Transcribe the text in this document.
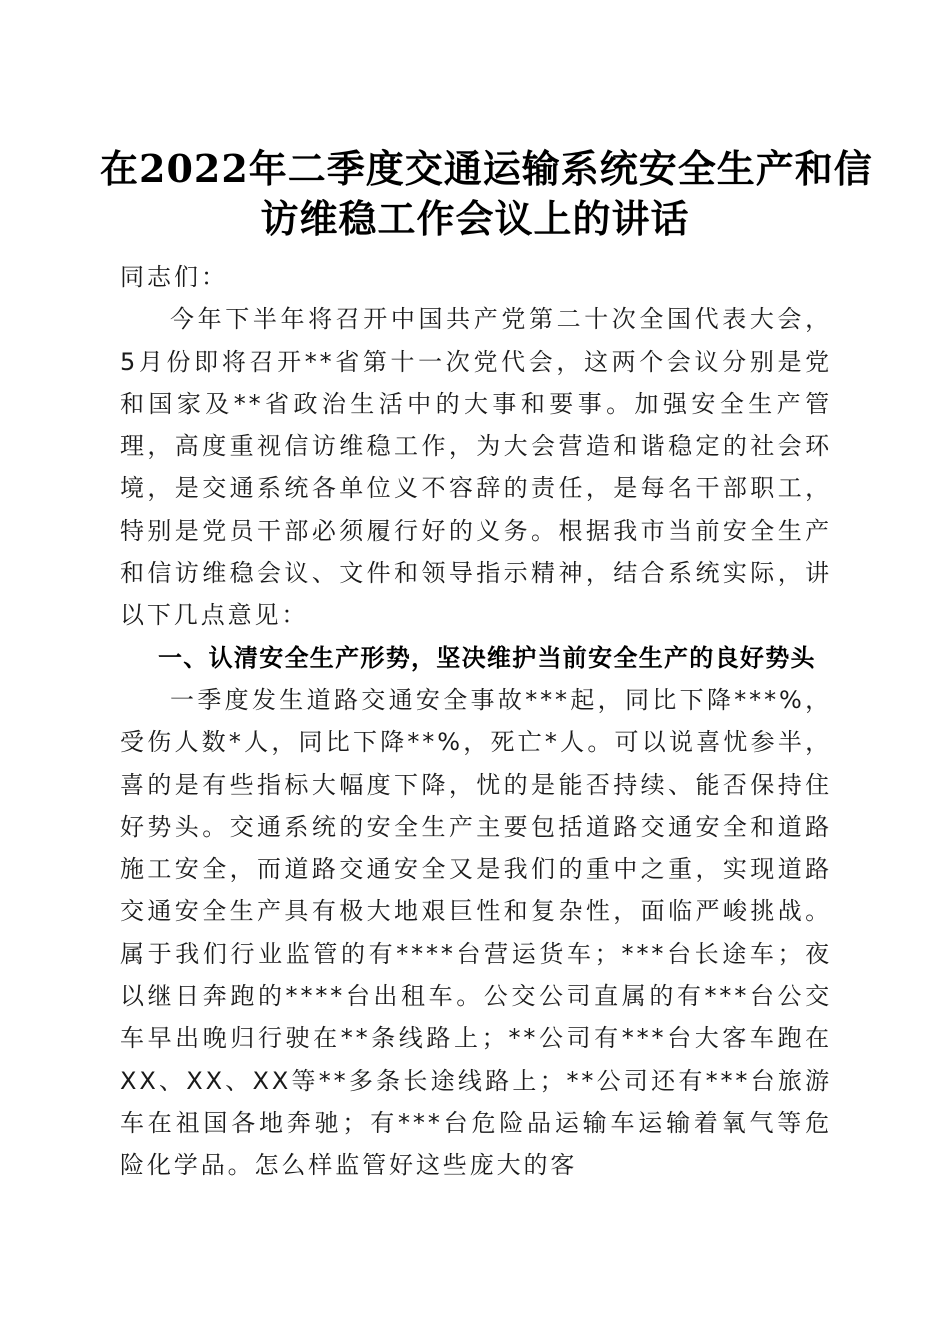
在2022年二季度交通运输系统安全生产和信
访维稳工作会议上的讲话

同志们：

今年下半年将召开中国共产党第二十次全国代表大会，5月份即将召开**省第十一次党代会，这两个会议分别是党和国家及**省政治生活中的大事和要事。加强安全生产管理，高度重视信访维稳工作，为大会营造和谐稳定的社会环境，是交通系统各单位义不容辞的责任，是每名干部职工，特别是党员干部必须履行好的义务。根据我市当前安全生产和信访维稳会议、文件和领导指示精神，结合系统实际，讲以下几点意见：

一、认清安全生产形势，坚决维护当前安全生产的良好势头

一季度发生道路交通安全事故***起，同比下降***%，受伤人数*人，同比下降**%，死亡*人。可以说喜忧参半，喜的是有些指标大幅度下降，忧的是能否持续、能否保持住好势头。交通系统的安全生产主要包括道路交通安全和道路施工安全，而道路交通安全又是我们的重中之重，实现道路交通安全生产具有极大地艰巨性和复杂性，面临严峻挑战。属于我们行业监管的有****台营运货车；***台长途车；夜以继日奔跑的****台出租车。公交公司直属的有***台公交车早出晚归行驶在**条线路上；**公司有***台大客车跑在XX、XX、XX等**多条长途线路上；**公司还有***台旅游车在祖国各地奔驰；有***台危险品运输车运输着氧气等危险化学品。怎么样监管好这些庞大的客
